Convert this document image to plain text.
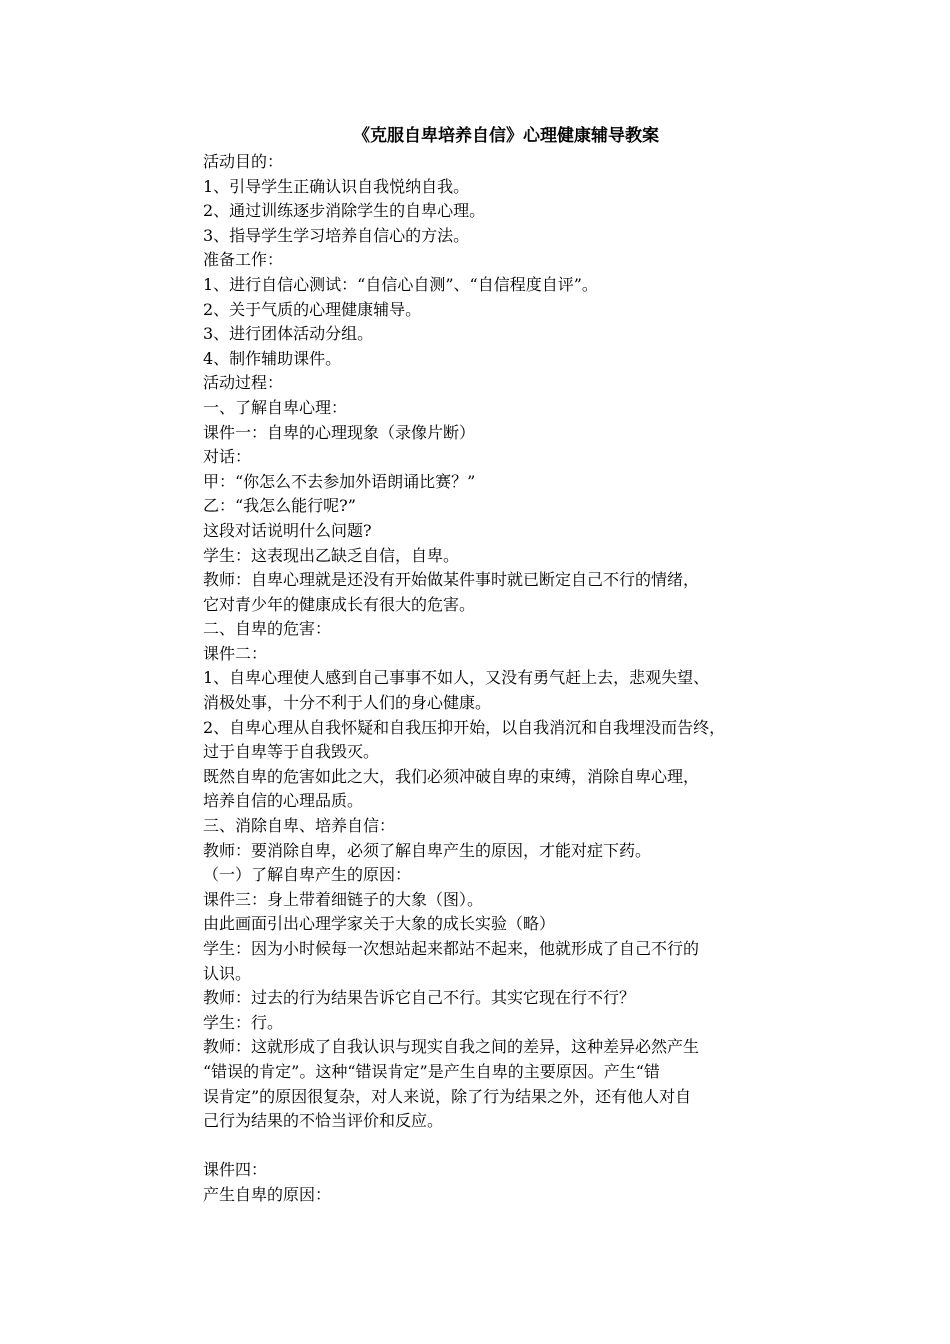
《克服自卑培养自信》心理健康辅导教案
活动目的：
1、引导学生正确认识自我悦纳自我。
2、通过训练逐步消除学生的自卑心理。
3、指导学生学习培养自信心的方法。
准备工作：
1、进行自信心测试：“自信心自测”、“自信程度自评”。
2、关于气质的心理健康辅导。
3、进行团体活动分组。
4、制作辅助课件。
活动过程：
一、了解自卑心理：
课件一：自卑的心理现象（录像片断）
对话：
甲：“你怎么不去参加外语朗诵比赛？”
乙：“我怎么能行呢?”
这段对话说明什么问题?
学生：这表现出乙缺乏自信，自卑。
教师：自卑心理就是还没有开始做某件事时就已断定自己不行的情绪，
它对青少年的健康成长有很大的危害。
二、自卑的危害：
课件二：
1、自卑心理使人感到自己事事不如人，又没有勇气赶上去，悲观失望、
消极处事，十分不利于人们的身心健康。
2、自卑心理从自我怀疑和自我压抑开始，以自我消沉和自我埋没而告终，
过于自卑等于自我毁灭。
既然自卑的危害如此之大，我们必须冲破自卑的束缚，消除自卑心理，
培养自信的心理品质。
三、消除自卑、培养自信：
教师：要消除自卑，必须了解自卑产生的原因，才能对症下药。
（一）了解自卑产生的原因：
课件三：身上带着细链子的大象（图）。
由此画面引出心理学家关于大象的成长实验（略）
学生：因为小时候每一次想站起来都站不起来，他就形成了自己不行的
认识。
教师：过去的行为结果告诉它自己不行。其实它现在行不行？
学生：行。
教师：这就形成了自我认识与现实自我之间的差异，这种差异必然产生
“错误的肯定”。这种“错误肯定”是产生自卑的主要原因。产生“错
误肯定”的原因很复杂，对人来说，除了行为结果之外，还有他人对自
己行为结果的不恰当评价和反应。
课件四：
产生自卑的原因：
